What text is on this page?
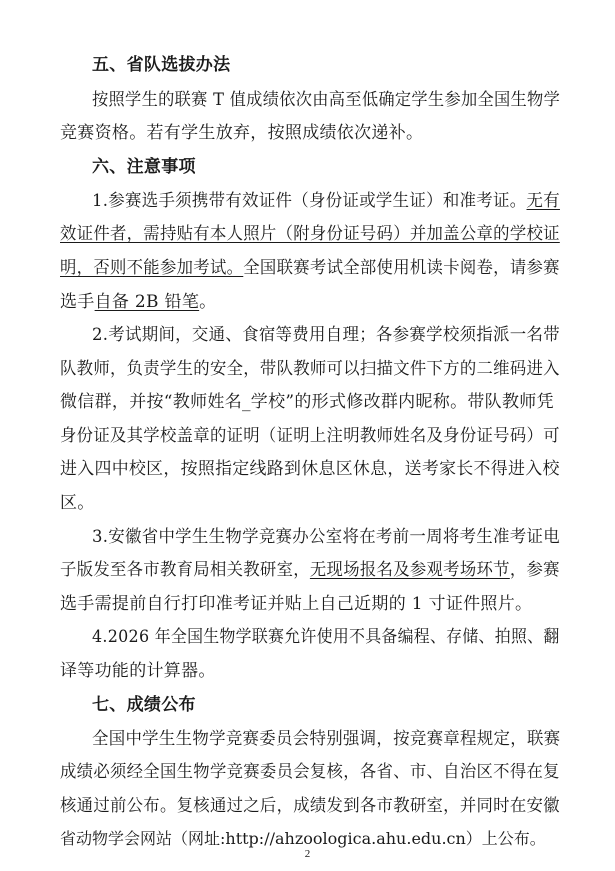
五、省队选拔办法
按照学生的联赛 T 值成绩依次由高至低确定学生参加全国生物学
竞赛资格。若有学生放弃，按照成绩依次递补。
六、注意事项
1.参赛选手须携带有效证件（身份证或学生证）和准考证。无有
效证件者，需持贴有本人照片（附身份证号码）并加盖公章的学校证
明，否则不能参加考试。全国联赛考试全部使用机读卡阅卷，请参赛
选手自备 2B 铅笔。
2.考试期间，交通、食宿等费用自理；各参赛学校须指派一名带
队教师，负责学生的安全，带队教师可以扫描文件下方的二维码进入
微信群，并按“教师姓名_学校”的形式修改群内昵称。带队教师凭
身份证及其学校盖章的证明（证明上注明教师姓名及身份证号码）可
进入四中校区，按照指定线路到休息区休息，送考家长不得进入校
区。
3.安徽省中学生生物学竞赛办公室将在考前一周将考生准考证电
子版发至各市教育局相关教研室，无现场报名及参观考场环节，参赛
选手需提前自行打印准考证并贴上自己近期的 1 寸证件照片。
4.2026 年全国生物学联赛允许使用不具备编程、存储、拍照、翻
译等功能的计算器。
七、成绩公布
全国中学生生物学竞赛委员会特别强调，按竞赛章程规定，联赛
成绩必须经全国生物学竞赛委员会复核，各省、市、自治区不得在复
核通过前公布。复核通过之后，成绩发到各市教研室，并同时在安徽
省动物学会网站（网址:http://ahzoologica.ahu.edu.cn）上公布。
2
